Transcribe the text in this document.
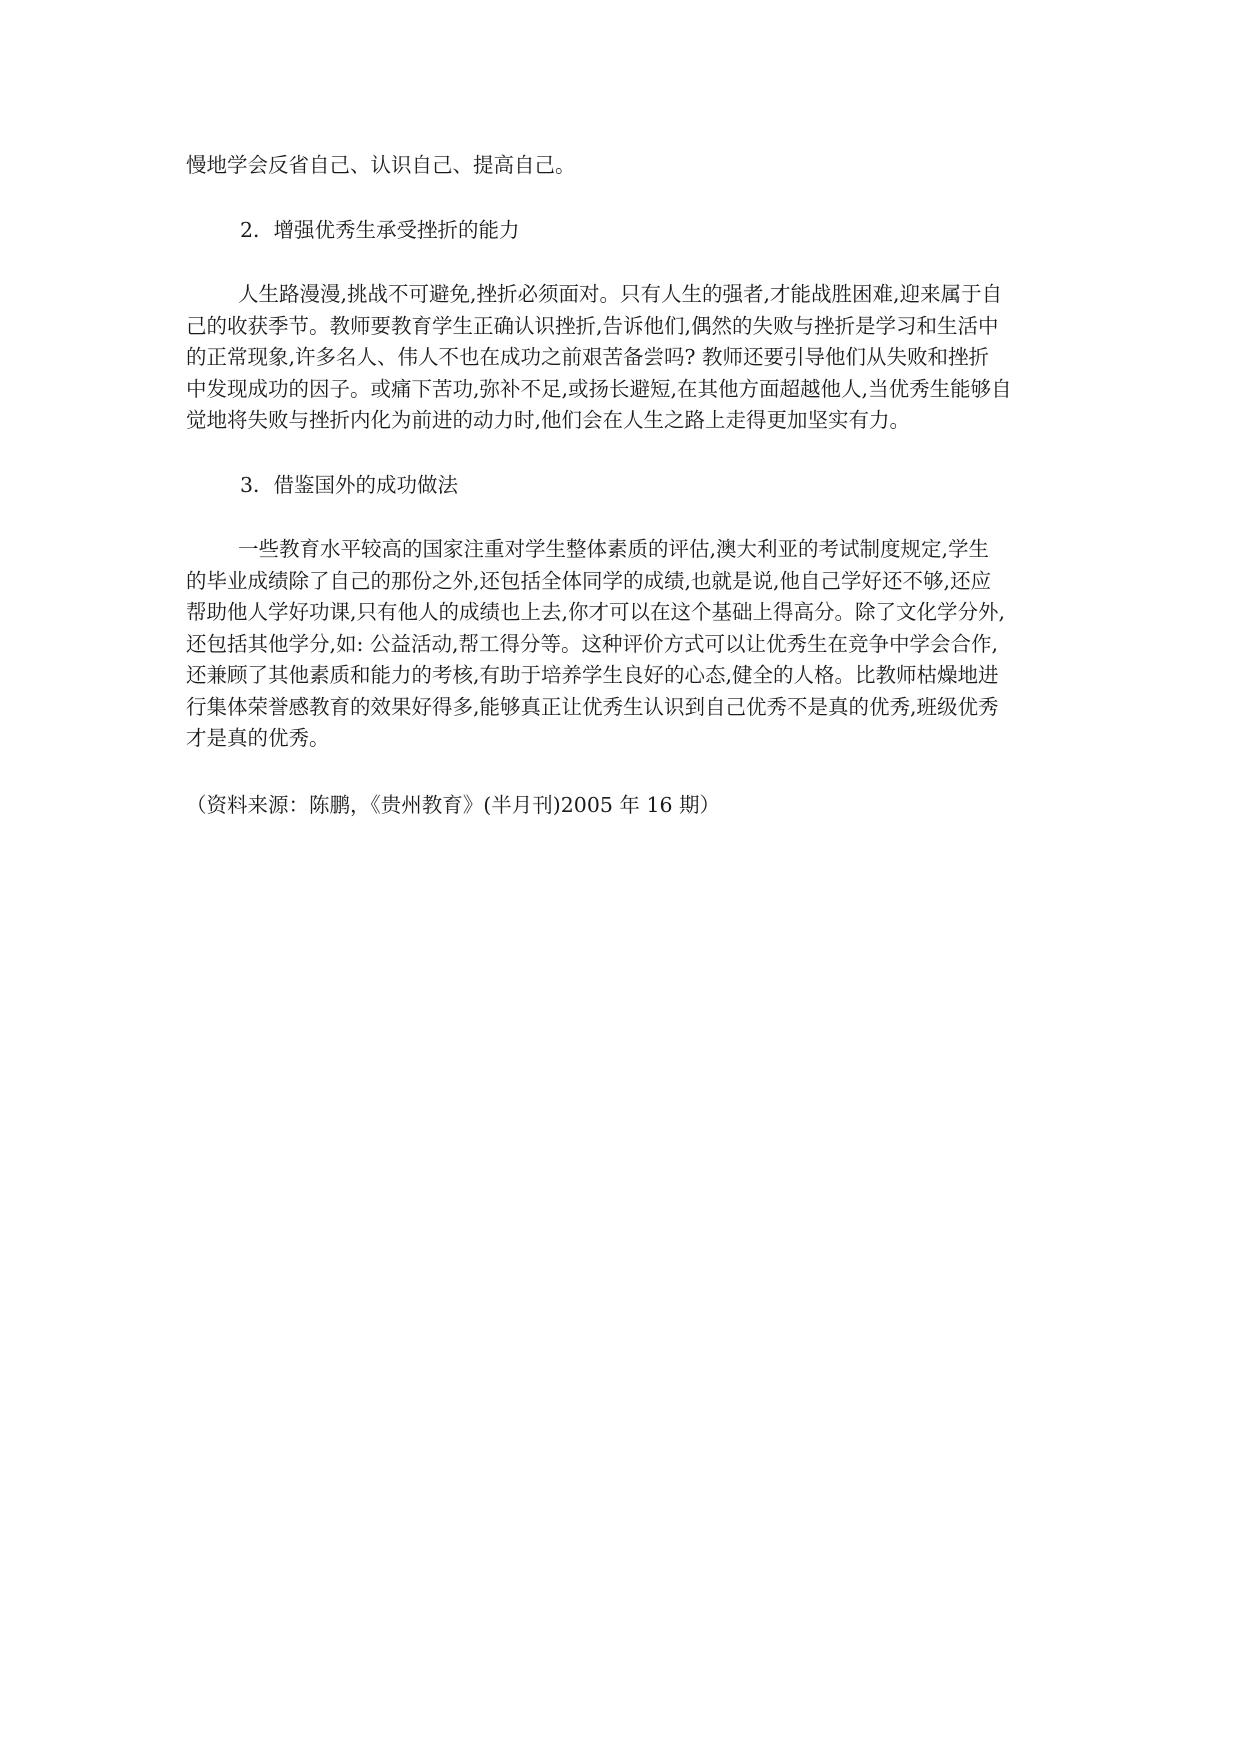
慢地学会反省自己、认识自己、提高自己。

2．增强优秀生承受挫折的能力

人生路漫漫,挑战不可避免,挫折必须面对。只有人生的强者,才能战胜困难,迎来属于自
己的收获季节。教师要教育学生正确认识挫折,告诉他们,偶然的失败与挫折是学习和生活中
的正常现象,许多名人、伟人不也在成功之前艰苦备尝吗? 教师还要引导他们从失败和挫折
中发现成功的因子。或痛下苦功,弥补不足,或扬长避短,在其他方面超越他人,当优秀生能够自
觉地将失败与挫折内化为前进的动力时,他们会在人生之路上走得更加坚实有力。

3．借鉴国外的成功做法

一些教育水平较高的国家注重对学生整体素质的评估,澳大利亚的考试制度规定,学生
的毕业成绩除了自己的那份之外,还包括全体同学的成绩,也就是说,他自己学好还不够,还应
帮助他人学好功课,只有他人的成绩也上去,你才可以在这个基础上得高分。除了文化学分外,
还包括其他学分,如: 公益活动,帮工得分等。这种评价方式可以让优秀生在竞争中学会合作,
还兼顾了其他素质和能力的考核,有助于培养学生良好的心态,健全的人格。比教师枯燥地进
行集体荣誉感教育的效果好得多,能够真正让优秀生认识到自己优秀不是真的优秀,班级优秀
才是真的优秀。

（资料来源：陈鹏，《贵州教育》(半月刊)2005 年 16 期）
